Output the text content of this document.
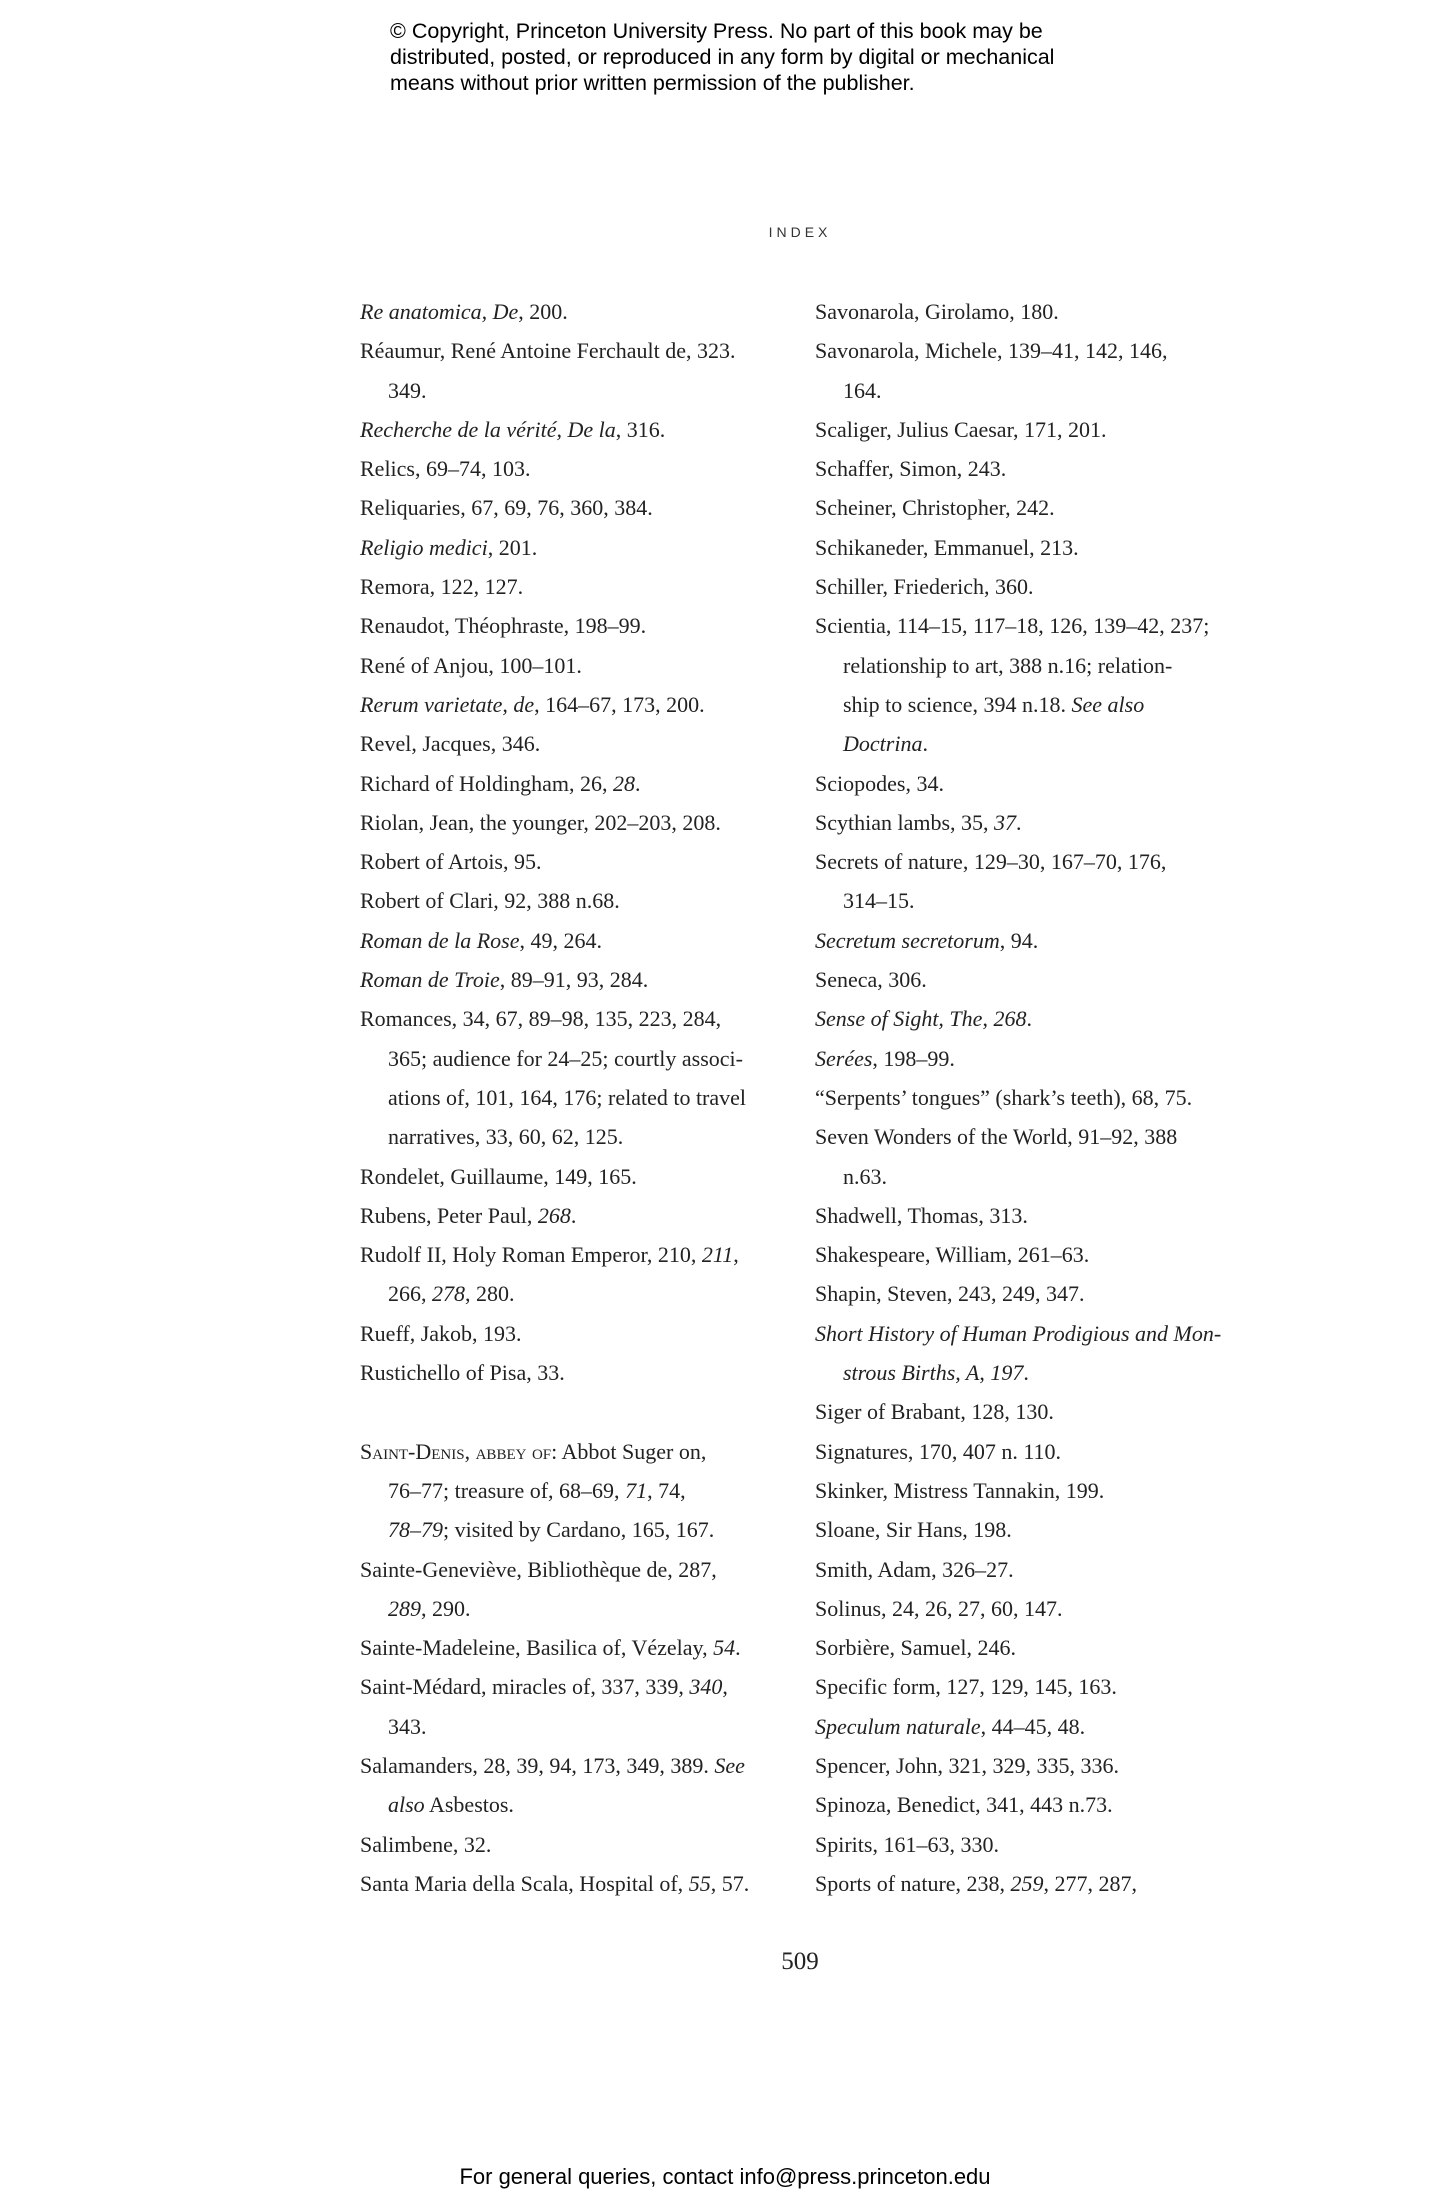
© Copyright, Princeton University Press. No part of this book may be
distributed, posted, or reproduced in any form by digital or mechanical
means without prior written permission of the publisher.
INDEX
Re anatomica, De, 200.
Réaumur, René Antoine Ferchault de, 323.
349.
Recherche de la vérité, De la, 316.
Relics, 69–74, 103.
Reliquaries, 67, 69, 76, 360, 384.
Religio medici, 201.
Remora, 122, 127.
Renaudot, Théophraste, 198–99.
René of Anjou, 100–101.
Rerum varietate, de, 164–67, 173, 200.
Revel, Jacques, 346.
Richard of Holdingham, 26, 28.
Riolan, Jean, the younger, 202–203, 208.
Robert of Artois, 95.
Robert of Clari, 92, 388 n.68.
Roman de la Rose, 49, 264.
Roman de Troie, 89–91, 93, 284.
Romances, 34, 67, 89–98, 135, 223, 284,
365; audience for 24–25; courtly associ-
ations of, 101, 164, 176; related to travel
narratives, 33, 60, 62, 125.
Rondelet, Guillaume, 149, 165.
Rubens, Peter Paul, 268.
Rudolf II, Holy Roman Emperor, 210, 211,
266, 278, 280.
Rueff, Jakob, 193.
Rustichello of Pisa, 33.
Saint-Denis, abbey of: Abbot Suger on,
76–77; treasure of, 68–69, 71, 74,
78–79; visited by Cardano, 165, 167.
Sainte-Geneviève, Bibliothèque de, 287,
289, 290.
Sainte-Madeleine, Basilica of, Vézelay, 54.
Saint-Médard, miracles of, 337, 339, 340,
343.
Salamanders, 28, 39, 94, 173, 349, 389. See
also Asbestos.
Salimbene, 32.
Santa Maria della Scala, Hospital of, 55, 57.
Savonarola, Girolamo, 180.
Savonarola, Michele, 139–41, 142, 146,
164.
Scaliger, Julius Caesar, 171, 201.
Schaffer, Simon, 243.
Scheiner, Christopher, 242.
Schikaneder, Emmanuel, 213.
Schiller, Friederich, 360.
Scientia, 114–15, 117–18, 126, 139–42, 237;
relationship to art, 388 n.16; relation-
ship to science, 394 n.18. See also
Doctrina.
Sciopodes, 34.
Scythian lambs, 35, 37.
Secrets of nature, 129–30, 167–70, 176,
314–15.
Secretum secretorum, 94.
Seneca, 306.
Sense of Sight, The, 268.
Serées, 198–99.
“Serpents’ tongues” (shark’s teeth), 68, 75.
Seven Wonders of the World, 91–92, 388
n.63.
Shadwell, Thomas, 313.
Shakespeare, William, 261–63.
Shapin, Steven, 243, 249, 347.
Short History of Human Prodigious and Mon-
strous Births, A, 197.
Siger of Brabant, 128, 130.
Signatures, 170, 407 n. 110.
Skinker, Mistress Tannakin, 199.
Sloane, Sir Hans, 198.
Smith, Adam, 326–27.
Solinus, 24, 26, 27, 60, 147.
Sorbière, Samuel, 246.
Specific form, 127, 129, 145, 163.
Speculum naturale, 44–45, 48.
Spencer, John, 321, 329, 335, 336.
Spinoza, Benedict, 341, 443 n.73.
Spirits, 161–63, 330.
Sports of nature, 238, 259, 277, 287,
509
For general queries, contact info@press.princeton.edu
